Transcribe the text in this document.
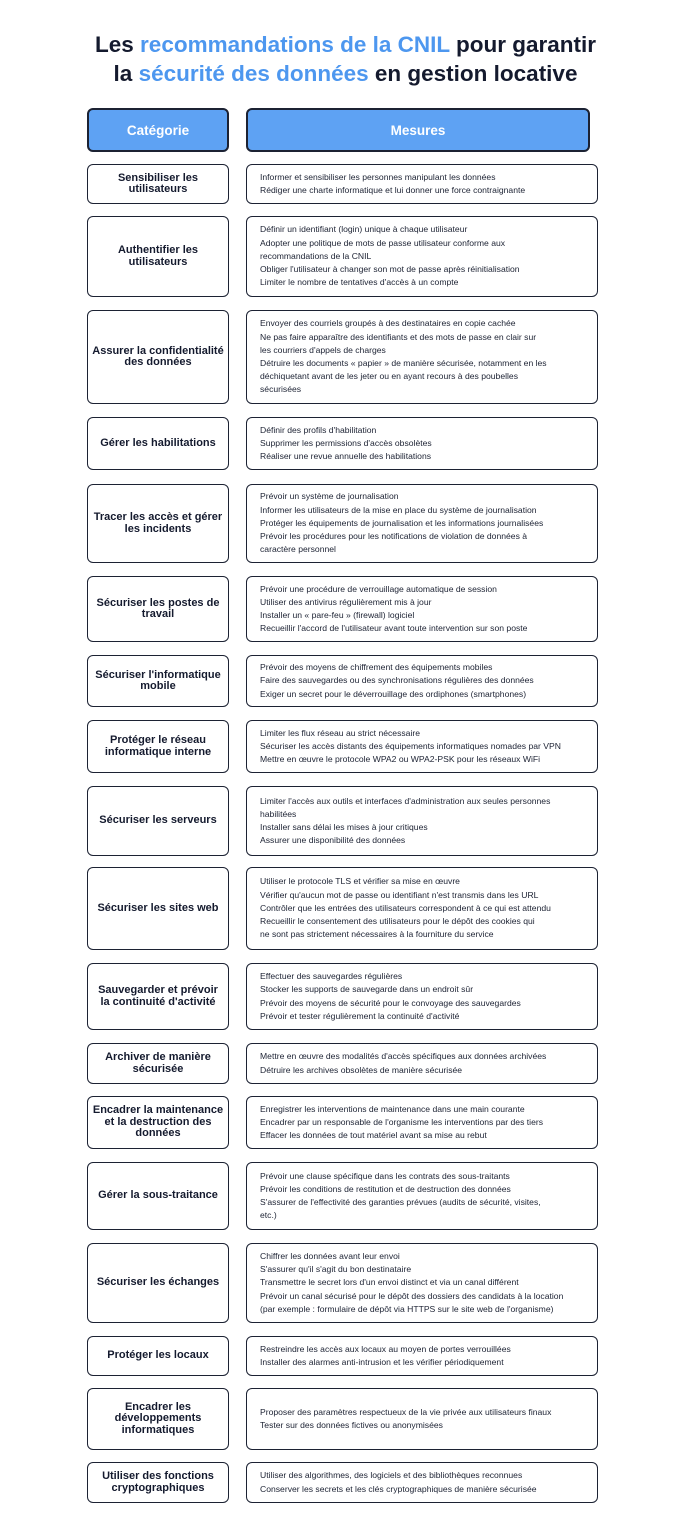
Les recommandations de la CNIL pour garantir
la sécurité des données en gestion locative
Catégorie	Mesures
Sensibiliser les utilisateurs
Informer et sensibiliser les personnes manipulant les données
Rédiger une charte informatique et lui donner une force contraignante
Authentifier les utilisateurs
Définir un identifiant (login) unique à chaque utilisateur
Adopter une politique de mots de passe utilisateur conforme aux
recommandations de la CNIL
Obliger l'utilisateur à changer son mot de passe après réinitialisation
Limiter le nombre de tentatives d'accès à un compte
Assurer la confidentialité des données
Envoyer des courriels groupés à des destinataires en copie cachée
Ne pas faire apparaître des identifiants et des mots de passe en clair sur
les courriers d'appels de charges
Détruire les documents « papier » de manière sécurisée, notamment en les
déchiquetant avant de les jeter ou en ayant recours à des poubelles
sécurisées
Gérer les habilitations
Définir des profils d'habilitation
Supprimer les permissions d'accès obsolètes
Réaliser une revue annuelle des habilitations
Tracer les accès et gérer les incidents
Prévoir un système de journalisation
Informer les utilisateurs de la mise en place du système de journalisation
Protéger les équipements de journalisation et les informations journalisées
Prévoir les procédures pour les notifications de violation de données à
caractère personnel
Sécuriser les postes de travail
Prévoir une procédure de verrouillage automatique de session
Utiliser des antivirus régulièrement mis à jour
Installer un « pare-feu » (firewall) logiciel
Recueillir l'accord de l'utilisateur avant toute intervention sur son poste
Sécuriser l'informatique mobile
Prévoir des moyens de chiffrement des équipements mobiles
Faire des sauvegardes ou des synchronisations régulières des données
Exiger un secret pour le déverrouillage des ordiphones (smartphones)
Protéger le réseau informatique interne
Limiter les flux réseau au strict nécessaire
Sécuriser les accès distants des équipements informatiques nomades par VPN
Mettre en œuvre le protocole WPA2 ou WPA2-PSK pour les réseaux WiFi
Sécuriser les serveurs
Limiter l'accès aux outils et interfaces d'administration aux seules personnes
habilitées
Installer sans délai les mises à jour critiques
Assurer une disponibilité des données
Sécuriser les sites web
Utiliser le protocole TLS et vérifier sa mise en œuvre
Vérifier qu'aucun mot de passe ou identifiant n'est transmis dans les URL
Contrôler que les entrées des utilisateurs correspondent à ce qui est attendu
Recueillir le consentement des utilisateurs pour le dépôt des cookies qui
ne sont pas strictement nécessaires à la fourniture du service
Sauvegarder et prévoir la continuité d'activité
Effectuer des sauvegardes régulières
Stocker les supports de sauvegarde dans un endroit sûr
Prévoir des moyens de sécurité pour le convoyage des sauvegardes
Prévoir et tester régulièrement la continuité d'activité
Archiver de manière sécurisée
Mettre en œuvre des modalités d'accès spécifiques aux données archivées
Détruire les archives obsolètes de manière sécurisée
Encadrer la maintenance et la destruction des données
Enregistrer les interventions de maintenance dans une main courante
Encadrer par un responsable de l'organisme les interventions par des tiers
Effacer les données de tout matériel avant sa mise au rebut
Gérer la sous-traitance
Prévoir une clause spécifique dans les contrats des sous-traitants
Prévoir les conditions de restitution et de destruction des données
S'assurer de l'effectivité des garanties prévues (audits de sécurité, visites,
etc.)
Sécuriser les échanges
Chiffrer les données avant leur envoi
S'assurer qu'il s'agit du bon destinataire
Transmettre le secret lors d'un envoi distinct et via un canal différent
Prévoir un canal sécurisé pour le dépôt des dossiers des candidats à la location
(par exemple : formulaire de dépôt via HTTPS sur le site web de l'organisme)
Protéger les locaux
Restreindre les accès aux locaux au moyen de portes verrouillées
Installer des alarmes anti-intrusion et les vérifier périodiquement
Encadrer les développements informatiques
Proposer des paramètres respectueux de la vie privée aux utilisateurs finaux
Tester sur des données fictives ou anonymisées
Utiliser des fonctions cryptographiques
Utiliser des algorithmes, des logiciels et des bibliothèques reconnues
Conserver les secrets et les clés cryptographiques de manière sécurisée
